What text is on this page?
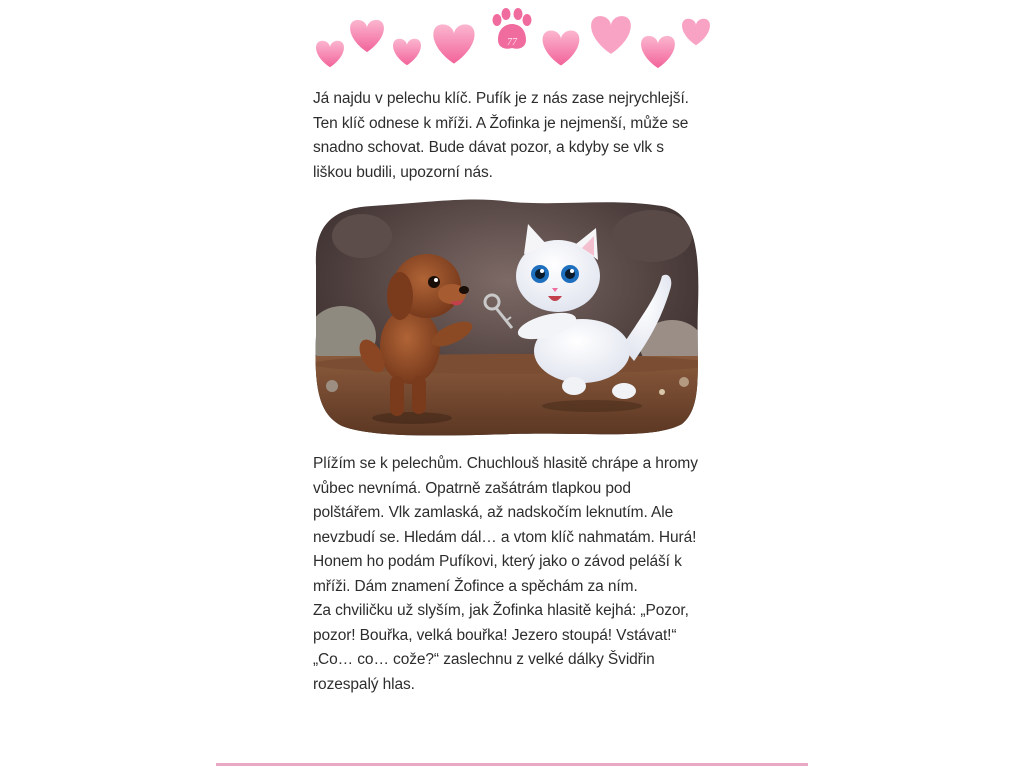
77

Já najdu v pelechu klíč. Pufík je z nás zase nejrychlejší.

Ten klíč odnese k mříži. A Žofinka je nejmenší, může se

snadno schovat. Bude dávat pozor, a kdyby se vlk s

liškou budili, upozorní nás.

Plížím se k pelechům. Chuchlouš hlasitě chrápe a hromy

vůbec nevnímá. Opatrně zašátrám tlapkou pod

polštářem. Vlk zamlaská, až nadskočím leknutím. Ale

nevzbudí se. Hledám dál… a vtom klíč nahmatám. Hurá!

Honem ho podám Pufíkovi, který jako o závod peláší k

mříži. Dám znamení Žofince a spěchám za ním.

Za chviličku už slyším, jak Žofinka hlasitě kejhá: „Pozor,

pozor! Bouřka, velká bouřka! Jezero stoupá! Vstávat!“

„Co… co… cože?“ zaslechnu z velké dálky Švidřin

rozespalý hlas.
